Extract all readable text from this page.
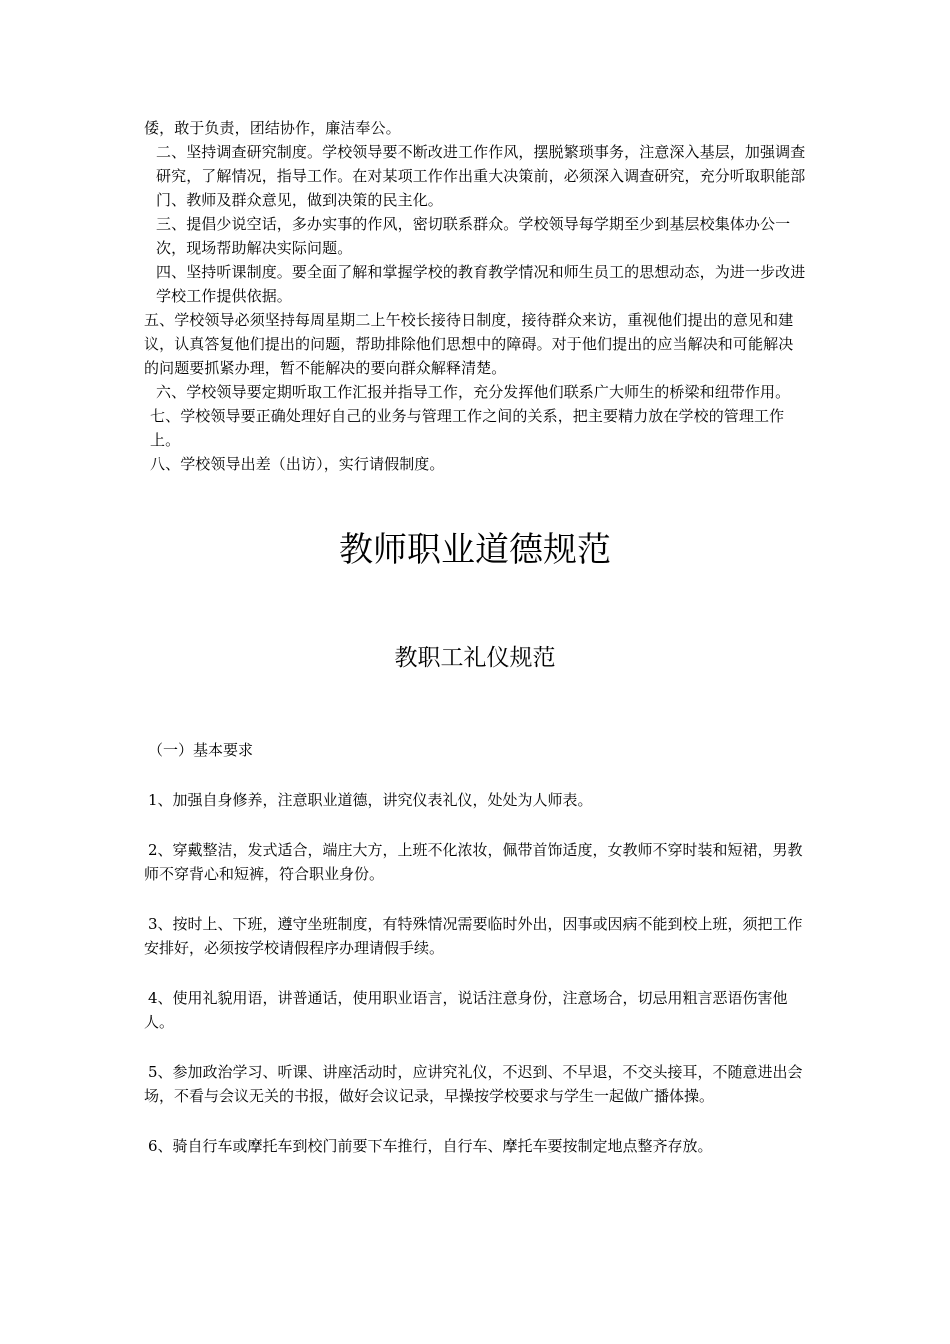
倭，敢于负责，团结协作，廉洁奉公。

二、坚持调查研究制度。学校领导要不断改进工作作风，摆脱繁琐事务，注意深入基层，加强调查研究，了解情况，指导工作。在对某项工作作出重大决策前，必须深入调查研究，充分听取职能部门、教师及群众意见，做到决策的民主化。

三、提倡少说空话，多办实事的作风，密切联系群众。学校领导每学期至少到基层校集体办公一次，现场帮助解决实际问题。

四、坚持听课制度。要全面了解和掌握学校的教育教学情况和师生员工的思想动态，为进一步改进学校工作提供依据。

五、学校领导必须坚持每周星期二上午校长接待日制度，接待群众来访，重视他们提出的意见和建议，认真答复他们提出的问题，帮助排除他们思想中的障碍。对于他们提出的应当解决和可能解决的问题要抓紧办理，暂不能解决的要向群众解释清楚。

六、学校领导要定期听取工作汇报并指导工作，充分发挥他们联系广大师生的桥梁和纽带作用。

七、学校领导要正确处理好自己的业务与管理工作之间的关系，把主要精力放在学校的管理工作上。

八、学校领导出差（出访），实行请假制度。

教师职业道德规范
教职工礼仪规范

（一）基本要求

1、加强自身修养，注意职业道德，讲究仪表礼仪，处处为人师表。

2、穿戴整洁，发式适合，端庄大方，上班不化浓妆，佩带首饰适度，女教师不穿时装和短裙，男教师不穿背心和短裤，符合职业身份。

3、按时上、下班，遵守坐班制度，有特殊情况需要临时外出，因事或因病不能到校上班，须把工作安排好，必须按学校请假程序办理请假手续。

4、使用礼貌用语，讲普通话，使用职业语言，说话注意身份，注意场合，切忌用粗言恶语伤害他人。

5、参加政治学习、听课、讲座活动时，应讲究礼仪，不迟到、不早退，不交头接耳，不随意进出会场，不看与会议无关的书报，做好会议记录，早操按学校要求与学生一起做广播体操。

6、骑自行车或摩托车到校门前要下车推行，自行车、摩托车要按制定地点整齐存放。
